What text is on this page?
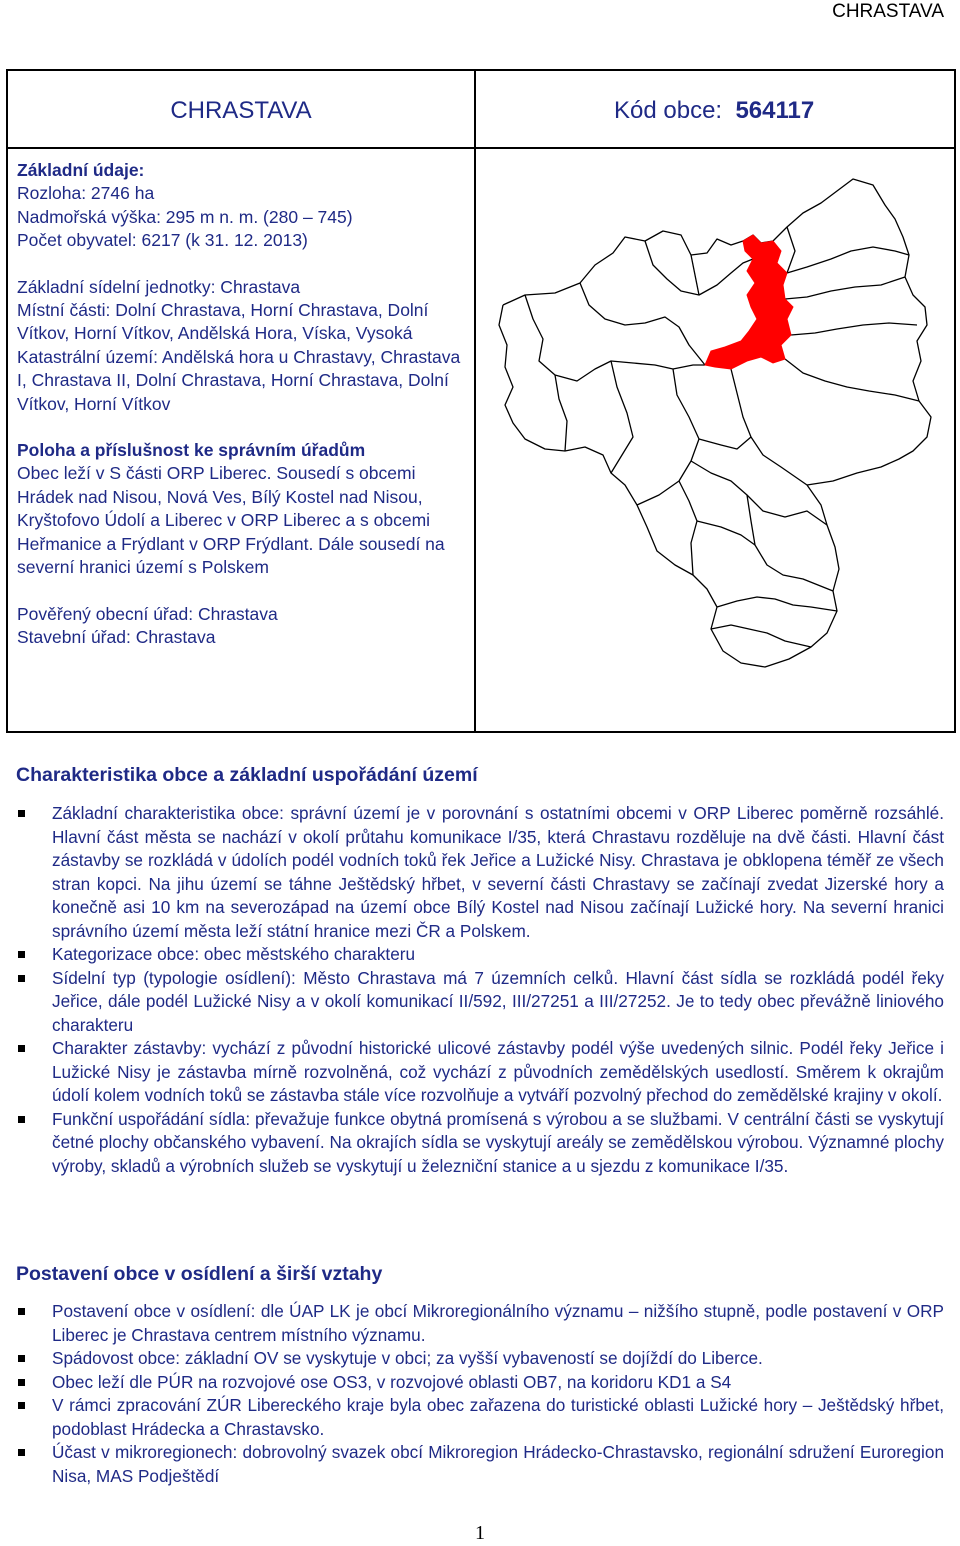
CHRASTAVA
CHRASTAVA	Kód obce: 564117

Základní údaje:

Rozloha: 2746 ha

Nadmořská výška: 295 m n. m. (280 – 745)

Počet obyvatel: 6217 (k 31. 12. 2013)

Základní sídelní jednotky: Chrastava

Místní části: Dolní Chrastava, Horní Chrastava, Dolní Vítkov, Horní Vítkov, Andělská Hora, Víska, Vysoká

Katastrální území: Andělská hora u Chrastavy, Chrastava I, Chrastava II, Dolní Chrastava, Horní Chrastava, Dolní Vítkov, Horní Vítkov

Poloha a příslušnost ke správním úřadům

Obec leží v S části ORP Liberec. Sousedí s obcemi Hrádek nad Nisou, Nová Ves, Bílý Kostel nad Nisou, Kryštofovo Údolí a Liberec v ORP Liberec a s obcemi Heřmanice a Frýdlant v ORP Frýdlant. Dále sousedí na severní hranici území s Polskem

Pověřený obecní úřad: Chrastava

Stavební úřad: Chrastava

Charakteristika obce a základní uspořádání území
Základní charakteristika obce: správní území je v porovnání s ostatními obcemi v ORP Liberec poměrně rozsáhlé. Hlavní část města se nachází v okolí průtahu komunikace I/35, která Chrastavu rozděluje na dvě části. Hlavní část zástavby se rozkládá v údolích podél vodních toků řek Jeřice a Lužické Nisy. Chrastava je obklopena téměř ze všech stran kopci. Na jihu území se táhne Ještědský hřbet, v severní části Chrastavy se začínají zvedat Jizerské hory a konečně asi 10 km na severozápad na území obce Bílý Kostel nad Nisou začínají Lužické hory. Na severní hranici správního území města leží státní hranice mezi ČR a Polskem.
Kategorizace obce: obec městského charakteru
Sídelní typ (typologie osídlení): Město Chrastava má 7 územních celků. Hlavní část sídla se rozkládá podél řeky Jeřice, dále podél Lužické Nisy a v okolí komunikací II/592, III/27251 a III/27252. Je to tedy obec převážně liniového charakteru
Charakter zástavby: vychází z původní historické ulicové zástavby podél výše uvedených silnic. Podél řeky Jeřice i Lužické Nisy je zástavba mírně rozvolněná, což vychází z původních zemědělských usedlostí. Směrem k okrajům údolí kolem vodních toků se zástavba stále více rozvolňuje a vytváří pozvolný přechod do zemědělské krajiny v okolí.
Funkční uspořádání sídla: převažuje funkce obytná promísená s výrobou a se službami. V centrální části se vyskytují četné plochy občanského vybavení. Na okrajích sídla se vyskytují areály se zemědělskou výrobou. Významné plochy výroby, skladů a výrobních služeb se vyskytují u železniční stanice a u sjezdu z komunikace I/35.
Postavení obce v osídlení a širší vztahy
Postavení obce v osídlení: dle ÚAP LK je obcí Mikroregionálního významu – nižšího stupně, podle postavení v ORP Liberec je Chrastava centrem místního významu.
Spádovost obce: základní OV se vyskytuje v obci; za vyšší vybaveností se dojíždí do Liberce.
Obec leží dle PÚR na rozvojové ose OS3, v rozvojové oblasti OB7, na koridoru KD1 a S4
V rámci zpracování ZÚR Libereckého kraje byla obec zařazena do turistické oblasti Lužické hory – Ještědský hřbet, podoblast Hrádecka a Chrastavsko.
Účast v mikroregionech: dobrovolný svazek obcí Mikroregion Hrádecko-Chrastavsko, regionální sdružení Euroregion Nisa, MAS Podještědí
1
